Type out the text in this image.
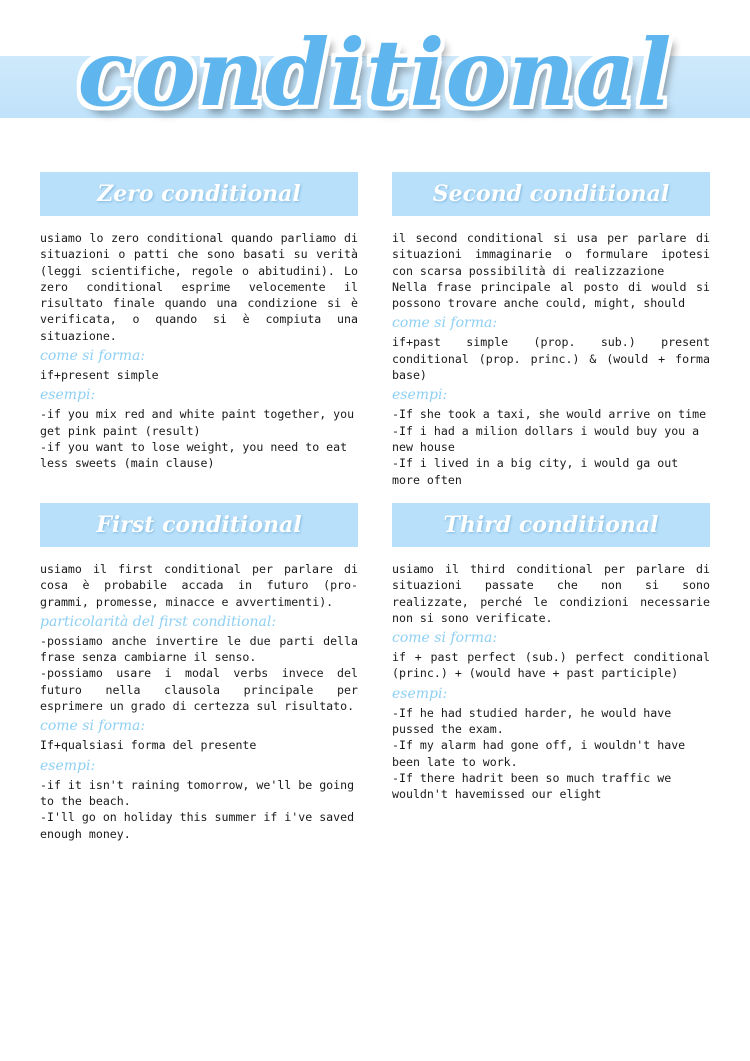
conditional
Zero conditional

usiamo lo zero conditional quando parliamo di situazioni o patti che sono basati su verità (leggi scientifiche, regole o abitudini). Lo zero conditional esprime velocemente il risultato finale quando una condizione si è verificata, o quando si è compiuta una situazione.

come si forma:

if+present simple

esempi:

-if you mix red and white paint together, you get pink paint (result)

-if you want to lose weight, you need to eat less sweets (main clause)

Second conditional

il second conditional si usa per parlare di situazioni immaginarie o formulare ipotesi con scarsa possibilità di realizzazione

Nella frase principale al posto di would si possono trovare anche could, might, should

come si forma:

if+past simple (prop. sub.) present conditional (prop. princ.) & (would + forma base)

esempi:

-If she took a taxi, she would arrive on time

-If i had a milion dollars i would buy you a new house

-If i lived in a big city, i would ga out more often

First conditional

usiamo il first conditional per parlare di cosa è probabile accada in futuro (pro-grammi, promesse, minacce e avvertimenti).

particolarità del first conditional:

-possiamo anche invertire le due parti della frase senza cambiarne il senso.

-possiamo usare i modal verbs invece del futuro nella clausola principale per esprimere un grado di certezza sul risultato.

come si forma:

If+qualsiasi forma del presente

esempi:

-if it isn't raining tomorrow, we'll be going to the beach.

-I'll go on holiday this summer if i've saved enough money.

Third conditional

usiamo il third conditional per parlare di situazioni passate che non si sono realizzate, perché le condizioni necessarie non si sono verificate.

come si forma:

if + past perfect (sub.) perfect conditional (princ.) + (would have + past participle)

esempi:

-If he had studied harder, he would have pussed the exam.

-If my alarm had gone off, i wouldn't have been late to work.

-If there hadrit been so much traffic we wouldn't havemissed our elight
